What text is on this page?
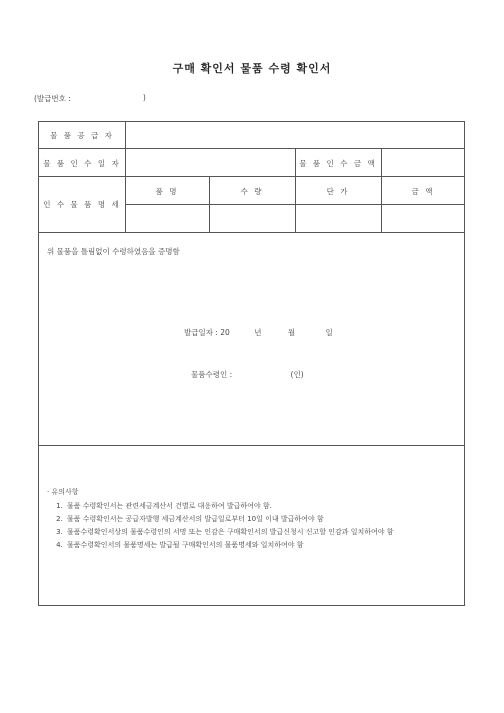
구매 확인서 물품 수령 확인서
(발급번호 :	)
물 품 공 급 자
물 품 인 수 일 자	물 품 인 수 금 액
인 수 물 품 명 세
품 명	수 량	단 가	금 액
위 물품을 틀림없이 수령하였음을 증명함
발급일자 : 20	년	월	일
물품수령인 :	(인)
· 유의사항
1. 물품 수령확인서는 관련세금계산서 건별로 대응하여 발급하여야 함.
2. 물품 수령확인서는 공급자발행 세금계산서의 발급일로부터 10일 이내 발급하여야 함
3. 물품수령확인서상의 물품수령인의 서명 또는 인감은 구매확인서의 발급신청시 신고할 인감과 일치하여야 함
4. 물품수령확인서의 물품명세는 발급될 구매확인서의 물품명세와 일치하여야 함
